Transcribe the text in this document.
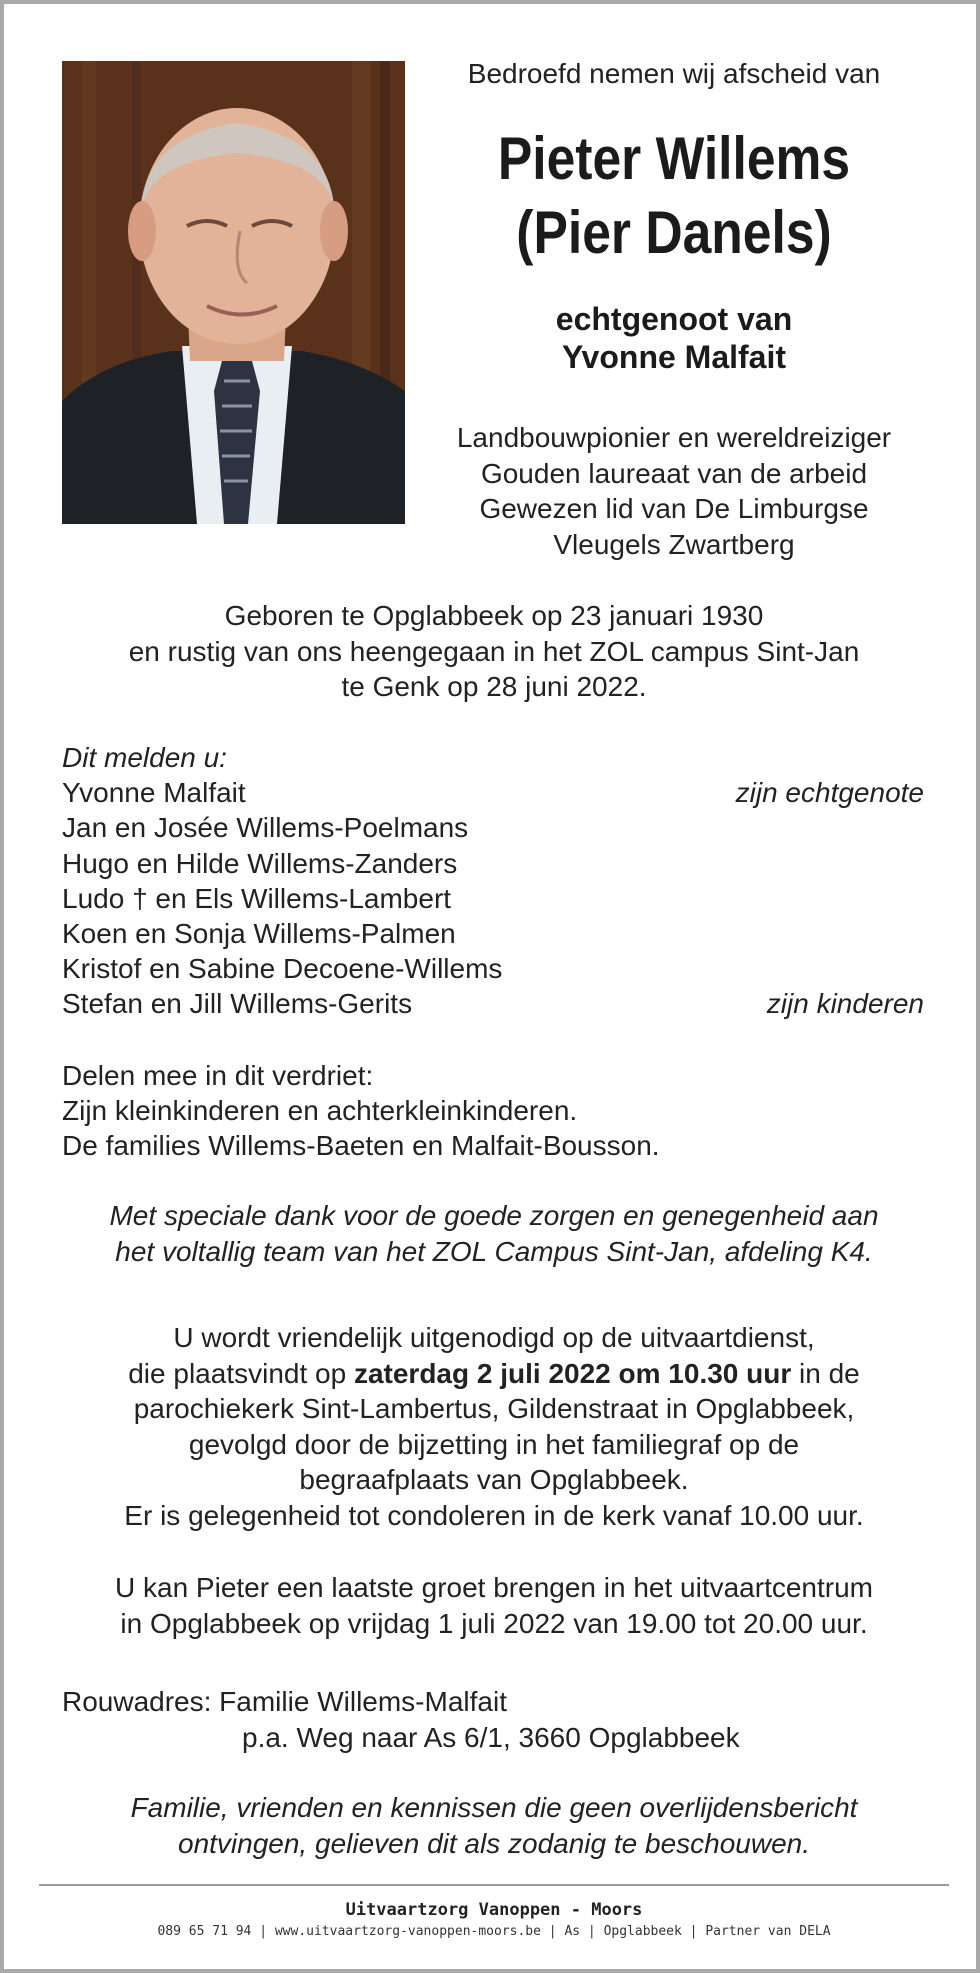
Bedroefd nemen wij afscheid van
Pieter Willems
(Pier Danels)
echtgenoot van
Yvonne Malfait
Landbouwpionier en wereldreiziger
Gouden laureaat van de arbeid
Gewezen lid van De Limburgse
Vleugels Zwartberg
Geboren te Opglabbeek op 23 januari 1930
en rustig van ons heengegaan in het ZOL campus Sint-Jan
te Genk op 28 juni 2022.
Dit melden u:
Yvonne Malfait	zijn echtgenote
Jan en Josée Willems-Poelmans
Hugo en Hilde Willems-Zanders
Ludo † en Els Willems-Lambert
Koen en Sonja Willems-Palmen
Kristof en Sabine Decoene-Willems
Stefan en Jill Willems-Gerits	zijn kinderen
Delen mee in dit verdriet:
Zijn kleinkinderen en achterkleinkinderen.
De families Willems-Baeten en Malfait-Bousson.
Met speciale dank voor de goede zorgen en genegenheid aan
het voltallig team van het ZOL Campus Sint-Jan, afdeling K4.
U wordt vriendelijk uitgenodigd op de uitvaartdienst,
die plaatsvindt op zaterdag 2 juli 2022 om 10.30 uur in de
parochiekerk Sint-Lambertus, Gildenstraat in Opglabbeek,
gevolgd door de bijzetting in het familiegraf op de
begraafplaats van Opglabbeek.
Er is gelegenheid tot condoleren in de kerk vanaf 10.00 uur.
U kan Pieter een laatste groet brengen in het uitvaartcentrum
in Opglabbeek op vrijdag 1 juli 2022 van 19.00 tot 20.00 uur.
Rouwadres: Familie Willems-Malfait
p.a. Weg naar As 6/1, 3660 Opglabbeek
Familie, vrienden en kennissen die geen overlijdensbericht
ontvingen, gelieven dit als zodanig te beschouwen.
Uitvaartzorg Vanoppen - Moors
089 65 71 94 | www.uitvaartzorg-vanoppen-moors.be | As | Opglabbeek | Partner van DELA
